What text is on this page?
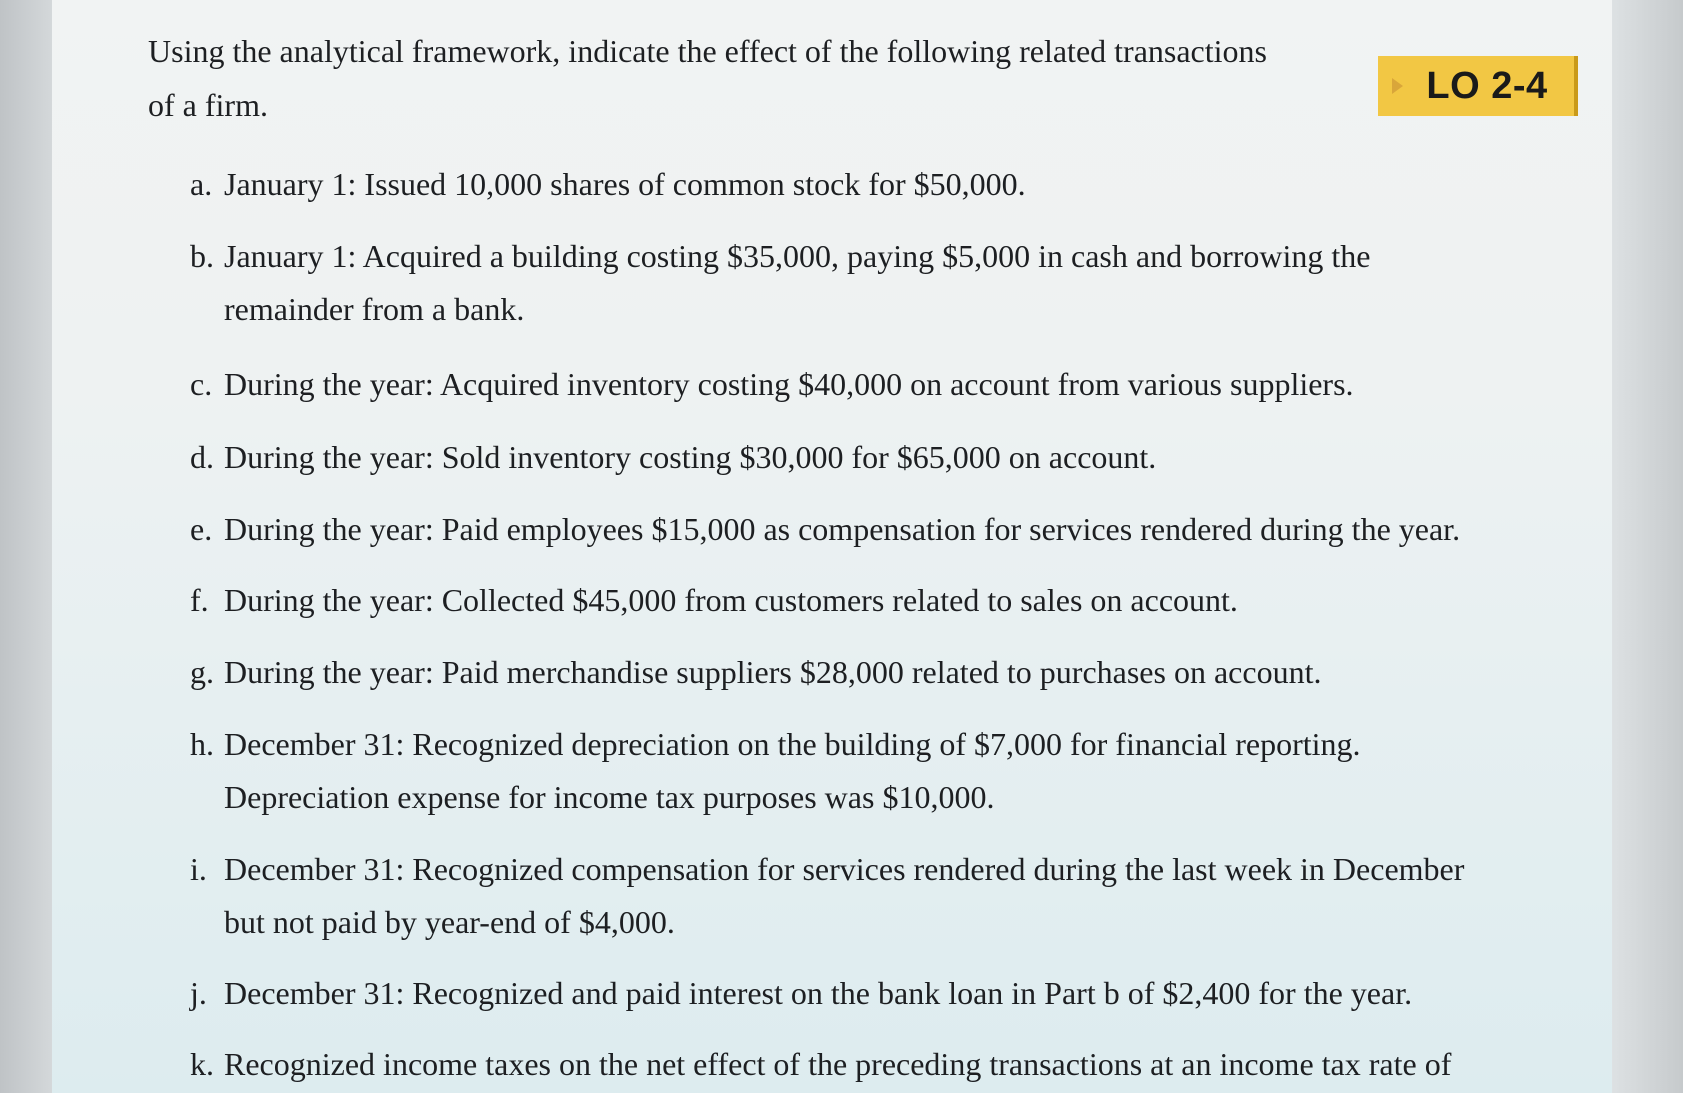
Using the analytical framework, indicate the effect of the following related transactions
of a firm.	LO 2-4
a. January 1: Issued 10,000 shares of common stock for $50,000.
b. January 1: Acquired a building costing $35,000, paying $5,000 in cash and borrowing the
remainder from a bank.
c. During the year: Acquired inventory costing $40,000 on account from various suppliers.
d. During the year: Sold inventory costing $30,000 for $65,000 on account.
e. During the year: Paid employees $15,000 as compensation for services rendered during the year.
f. During the year: Collected $45,000 from customers related to sales on account.
g. During the year: Paid merchandise suppliers $28,000 related to purchases on account.
h. December 31: Recognized depreciation on the building of $7,000 for financial reporting.
Depreciation expense for income tax purposes was $10,000.
i. December 31: Recognized compensation for services rendered during the last week in December
but not paid by year-end of $4,000.
j. December 31: Recognized and paid interest on the bank loan in Part b of $2,400 for the year.
k. Recognized income taxes on the net effect of the preceding transactions at an income tax rate of
